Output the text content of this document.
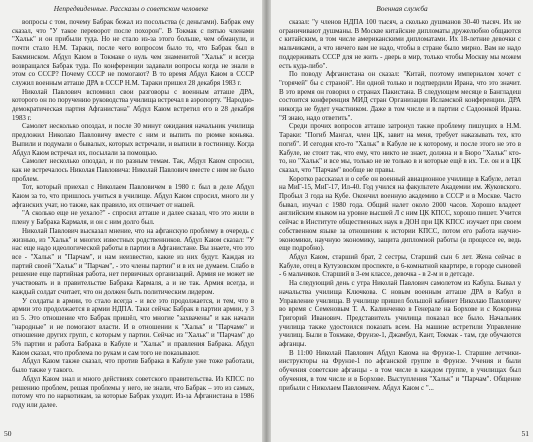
Непредвиденные. Рассказы о советском человеке

вопросы с том, почему Бабрак бежал из посольства (с деньгами). Бабрак ему сказал, что "У такое переворот после похорон". В Токмак с пятью членами "Хальк" и он прибыли туда. Но не стало из-за этого больше, чем обманули, и почти стало Н.М. Тараки, после чего вопросом было то, что Бабрак был в Бакминском. Абдул Каюм в Токмаке о нуль чем знаменитой "Хальк" и всегда возвращался Бабрак туда. По конференции задавали вопросы когда не знали в этом со СССР? Почему СССР не помогают? В то время Абдул Каюм в СССР служил военным атташе ДРА в СССР Н.М. Тараки пришел 28 декабря 1983 г.

Николай Павлович вспомнил свои разговоры с военным атташе ДРА, которого он по поручению руководства училища встречал в аэропорту. "Народно-демократическая партия Афганистана" Абдул Каюм встретил его в 28 декабря 1983 г.

Самолет несколько опоздал, и после 30 минут ожидания начальник училища предложил Николаю Павловичу вместе с ним и выпить по рюмке коньяка. Выпили и подумали о бывалых, которых встречали, и выпили в гостиницу. Когда Абдул Каюм встречал их, посылали за помощью.

Самолет несколько опоздал, и по разным темам. Так, Абдул Каюм спросил, как не встречалось Николая Павловича: Николай Павлович вместе с ним не было проблем.

Тот, который приехал с Николаем Павловичем в 1980 г. был в деле Абдул Каюм за то, что пришлось учиться в училище. Абдул Каюм спросил, много ли у афганских учат, но также, как правило, их отличает от нашей.

"А сколько еще не уехало?" - спросил атташе и далее сказал, что это жили в плену у Бабрака Кармаля, и он с ним долго был.

Николай Павлович высказал мнение, что на афганскую проблему в очередь с жизнью, из "Хальк" и многих известных родственников. Абдул Каюм сказал: "У нас еще надо идеологической работы в партии в Афганистане. Вы знаете, что это все - "Хальк" и "Парчам", и нам неизвестно, какие из них будут. Каждая из партий своей "Хальк" и "Парчам", - это члены партии" и в их не думаем. Слабо в решение еще партийная работа, нет первичных организаций. Армия не может не участвовать и в правительстве Бабрака Кармаля, а и не так. Армия всегда, и каждый солдат считает, что он должен быть политическим лидером.

У солдаты в армии, то стало всегда - и все это продолжается, и тем, что в армии это продолжается в армии НДПА. Таки сейчас Бабрак в партии армии, у 3 из 5. Это отношение что Бабрак пришёл, что многие "захвачены" и как начали "народные" и не помогают власти. И в отношении к "Хальк" и "Парчаме" и отношение других групп, с которым у партии. Сейчас из "Хальк" и "Парчам" до 5% партии и работа Бабрака в Кабуле и "Хальк" и правления Бабрака. Абдул Каюм сказал, что проблема по рукам и сам того не показывают.

Абдул Каюм также сказал, что против Бабрака в Кабуле уже тоже работали, было также у такого.

Абдул Каюм знал и много действиях советского правительства. Из КПСС по решению проблем, решая проблемы у него, не знали, что Бабрак – это из самых, потому что по наркотикам, за которые Бабрак уходит. Из-за Афганистана в 1986 году или далее.

50
Военная служба

сказал: "у членов НДПА 100 тысяч, а сколько душманов 30-40 тысяч. Их не ограничивают душманы. В Москве китайские дипломаты дружелюбно общаются с китайским, в том числе американскими дипломатами. Их 18-летние девочки с мальчиками, а что ничего вам не надо, чтобы в стране было мирно. Вам не надо поддерживать СССР для не жить - дверь в мир, только чтобы Москву мы можем есть куда-либо".

По поводу Афганистана он сказал: "Китай, поэтому империалом хочет с "горячей" бы с страной". Ни одной только и подтвердили Ирана, что это значит. В это время он говорил о странах Пакистана. В следующем месяце в Бангладеш состоится конференция МИД стран Организации Исламской конференции. ДРА никогда не будет участником. Даже в том числе и в партии с Садоонкой Ирана. "Я знаю, надо ответить".

Среди прочих вопросов атташе затронул также проблему пишущих в Н.М. Тараки: "Погиб Мангал, член ЦК, завит на меня, требует наказывать тех, кто погиб". И сегодня кто-то "Хальк" в Кабуле не к которому, и после этого не это в Кабуле, не стоит так, что ему, что никто не знает, должна и в Бюро "Хальк" кто-то, но "Хальк" и все мы, только не не только в и которые ещё в их. Т.е. он и в ЦК сказал, что "Парчам" вообще не правы.

Коротко рассказал и о себе он военный авиационное училище в Кабуле, летал на МиГ-15, МиГ-17, Ил-40. Год учился на факультете Академии им. Жуковского. Пробыл 3 года на Кубе. Окончил военную академию в СССР и в Москве. Часто бывал, изучал с 1980 года. Общий налет около 2000 часов. Хорошо владеет английским языком на уровне высшей Л с ним ЦК КПСС, хорошо пишет. Учится сейчас в Институте общественных наук в ДОН при ЦК КПСС изучает при своем собственном языке за отношении к истории КПСС, потом его работа научно-экономики, научную экономику, защита дипломной работы (в процессе ее, ведь еще подробно).

Абдул Каюм, старший брат, 2 сестры, Старший сын 6 лет. Жена сейчас в Кабуле, отец в Кутузовском проспекте, в 6-комнатной квартире, в городе сыновей - 6 мальчиков. Старший в 3-ем классе, девочка - в 2-м и в детсаде.

На следующий день с утра Николай Павлович самолетом из Кабула. Бывал у начальства училища Ключкова. С новым военным атташе ДРА в Кабул в Управление училища. В училище пришел большой кабинет Николаю Павловичу во время с Семеновым Т. А. Калинченко в Генерале на Борхове и с Кокорина Григорий Иванович. Представитель училища показал все было. Начальник училища также удостоился показать всем. На машине встретили Управление училищ. Были в Токмаке, Фрунзе-1, Джамбул, Кант, Токмак - там, где обучаются афганцы.

В 11:00 Николай Павлович Абдул Каюма на Фрунзе-1. Старшие летчики-инструкторы на Фрунзе-1 по афганской группе в Фрунзе. Учения и были обучения советские афганцы - в том числе в каждом группе, в училищах был обучения, в том числе и в Борхове. Выступления "Хальк" и "Парчам". Общение прибыли с Николаем Павловичем. Абдул Каюм с "...

51
